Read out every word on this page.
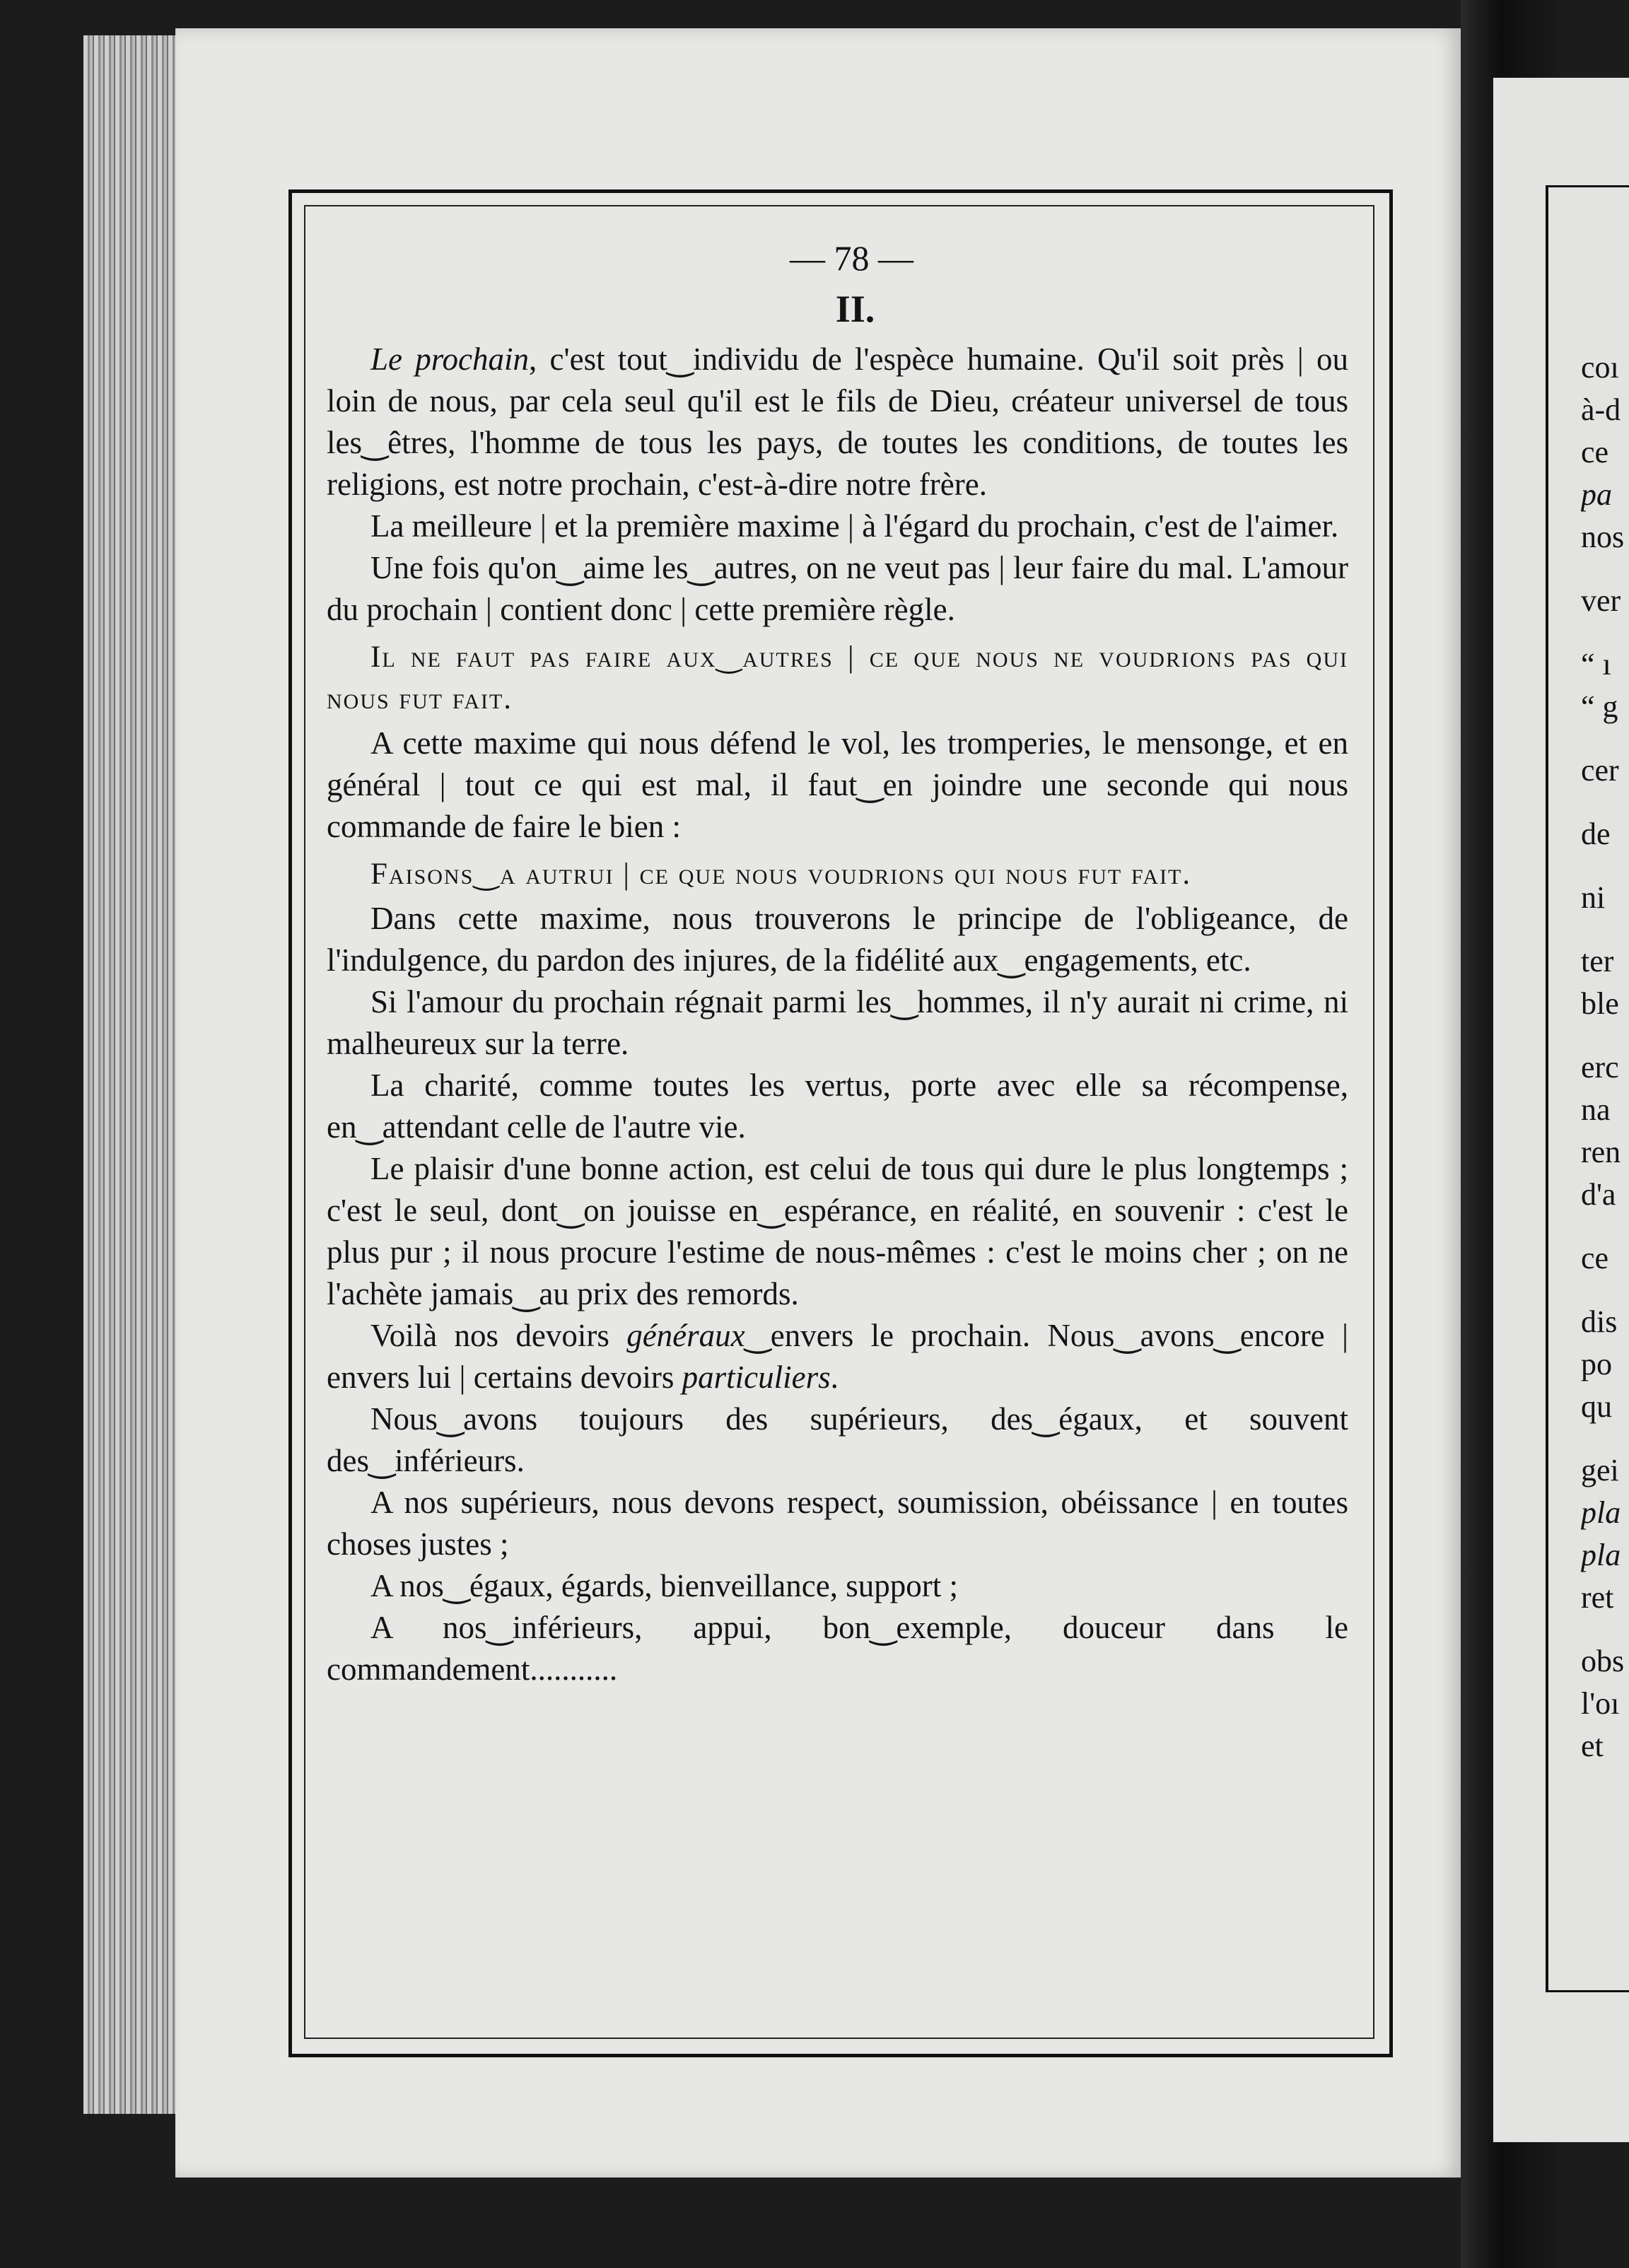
— 78 —
II.

Le prochain, c'est tout‿individu de l'espèce humaine. Qu'il soit près | ou loin de nous, par cela seul qu'il est le fils de Dieu, créateur universel de tous les‿êtres, l'homme de tous les pays, de toutes les conditions, de toutes les religions, est notre prochain, c'est-à-dire notre frère.

La meilleure | et la première maxime | à l'égard du prochain, c'est de l'aimer.

Une fois qu'on‿aime les‿autres, on ne veut pas | leur faire du mal. L'amour du prochain | contient donc | cette première règle.

Il ne faut pas faire aux‿autres | ce que nous ne voudrions pas qui nous fut fait.

A cette maxime qui nous défend le vol, les tromperies, le mensonge, et en général | tout ce qui est mal, il faut‿en joindre une seconde qui nous commande de faire le bien :

Faisons‿a autrui | ce que nous voudrions qui nous fut fait.

Dans cette maxime, nous trouverons le principe de l'obligeance, de l'indulgence, du pardon des injures, de la fidélité aux‿engagements, etc.

Si l'amour du prochain régnait parmi les‿hommes, il n'y aurait ni crime, ni malheureux sur la terre.

La charité, comme toutes les vertus, porte avec elle sa récompense, en‿attendant celle de l'autre vie.

Le plaisir d'une bonne action, est celui de tous qui dure le plus longtemps ; c'est le seul, dont‿on jouisse en‿espérance, en réalité, en souvenir : c'est le plus pur ; il nous procure l'estime de nous-mêmes : c'est le moins cher ; on ne l'achète jamais‿au prix des remords.

Voilà nos devoirs généraux‿envers le prochain. Nous‿avons‿encore | envers lui | certains devoirs particuliers.

Nous‿avons toujours des supérieurs, des‿égaux, et souvent des‿inférieurs.

A nos supérieurs, nous devons respect, soumission, obéissance | en toutes choses justes ;

A nos‿égaux, égards, bienveillance, support ;

A nos‿inférieurs, appui, bon‿exemple, douceur dans le commandement...........

coı
à-d
ce
pa
nos
ver
“ ı
“ g
cer
de
ni
ter
ble
erc
na
ren
d'a
ce
dis
po
qu
gei
pla
pla
ret
obs
l'oı
et
